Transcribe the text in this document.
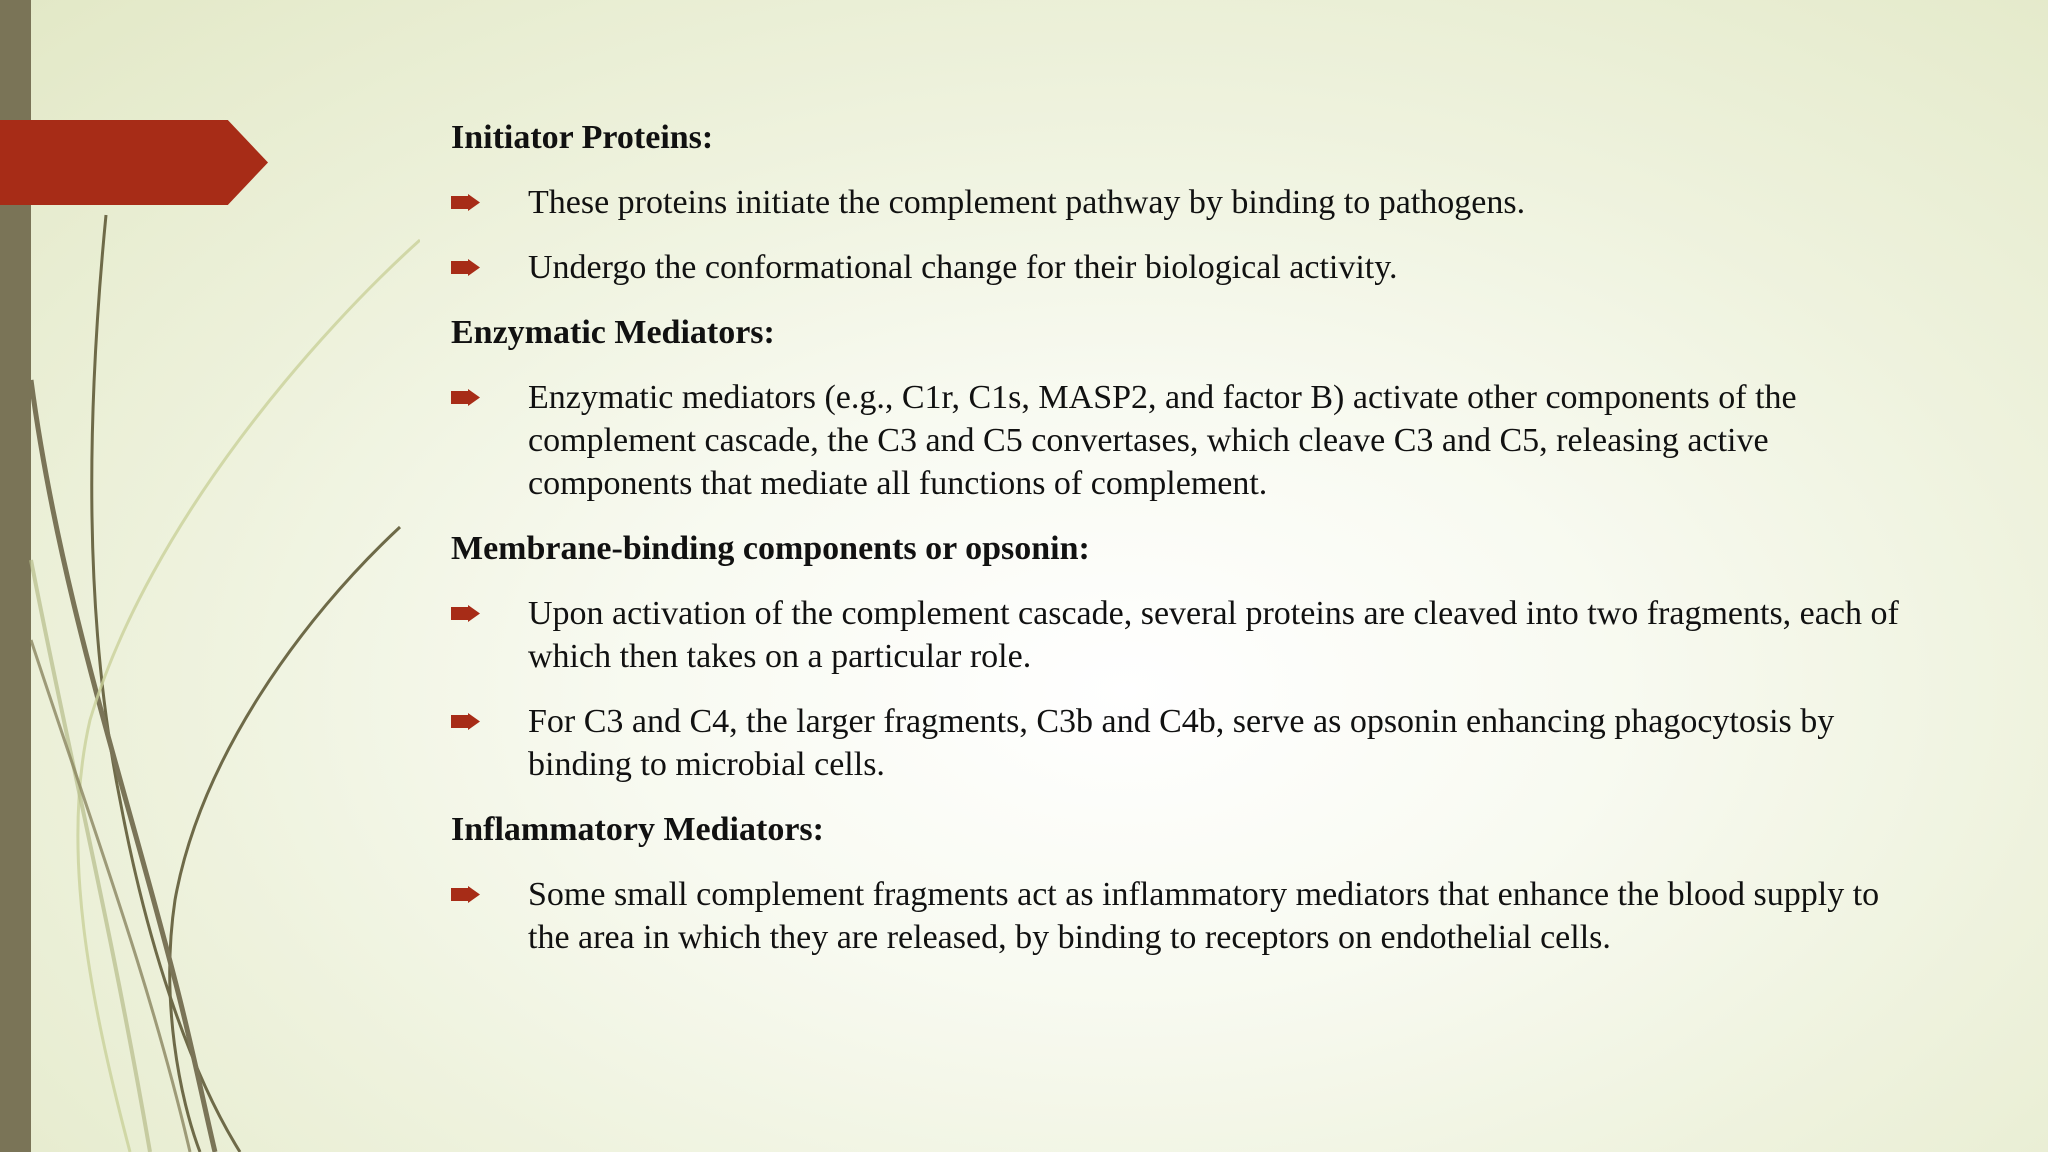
Initiator Proteins:
These proteins initiate the complement pathway by binding to pathogens.
Undergo the conformational change for their biological activity.
Enzymatic Mediators:
Enzymatic mediators (e.g., C1r, C1s, MASP2, and factor B) activate other components of the complement cascade, the C3 and C5 convertases, which cleave C3 and C5, releasing active components that mediate all functions of complement.
Membrane-binding components or opsonin:
Upon activation of the complement cascade, several proteins are cleaved into two fragments, each of which then takes on a particular role.
For C3 and C4, the larger fragments, C3b and C4b, serve as opsonin enhancing phagocytosis by binding to microbial cells.
Inflammatory Mediators:
Some small complement fragments act as inflammatory mediators that enhance the blood supply to the area in which they are released, by binding to receptors on endothelial cells.
